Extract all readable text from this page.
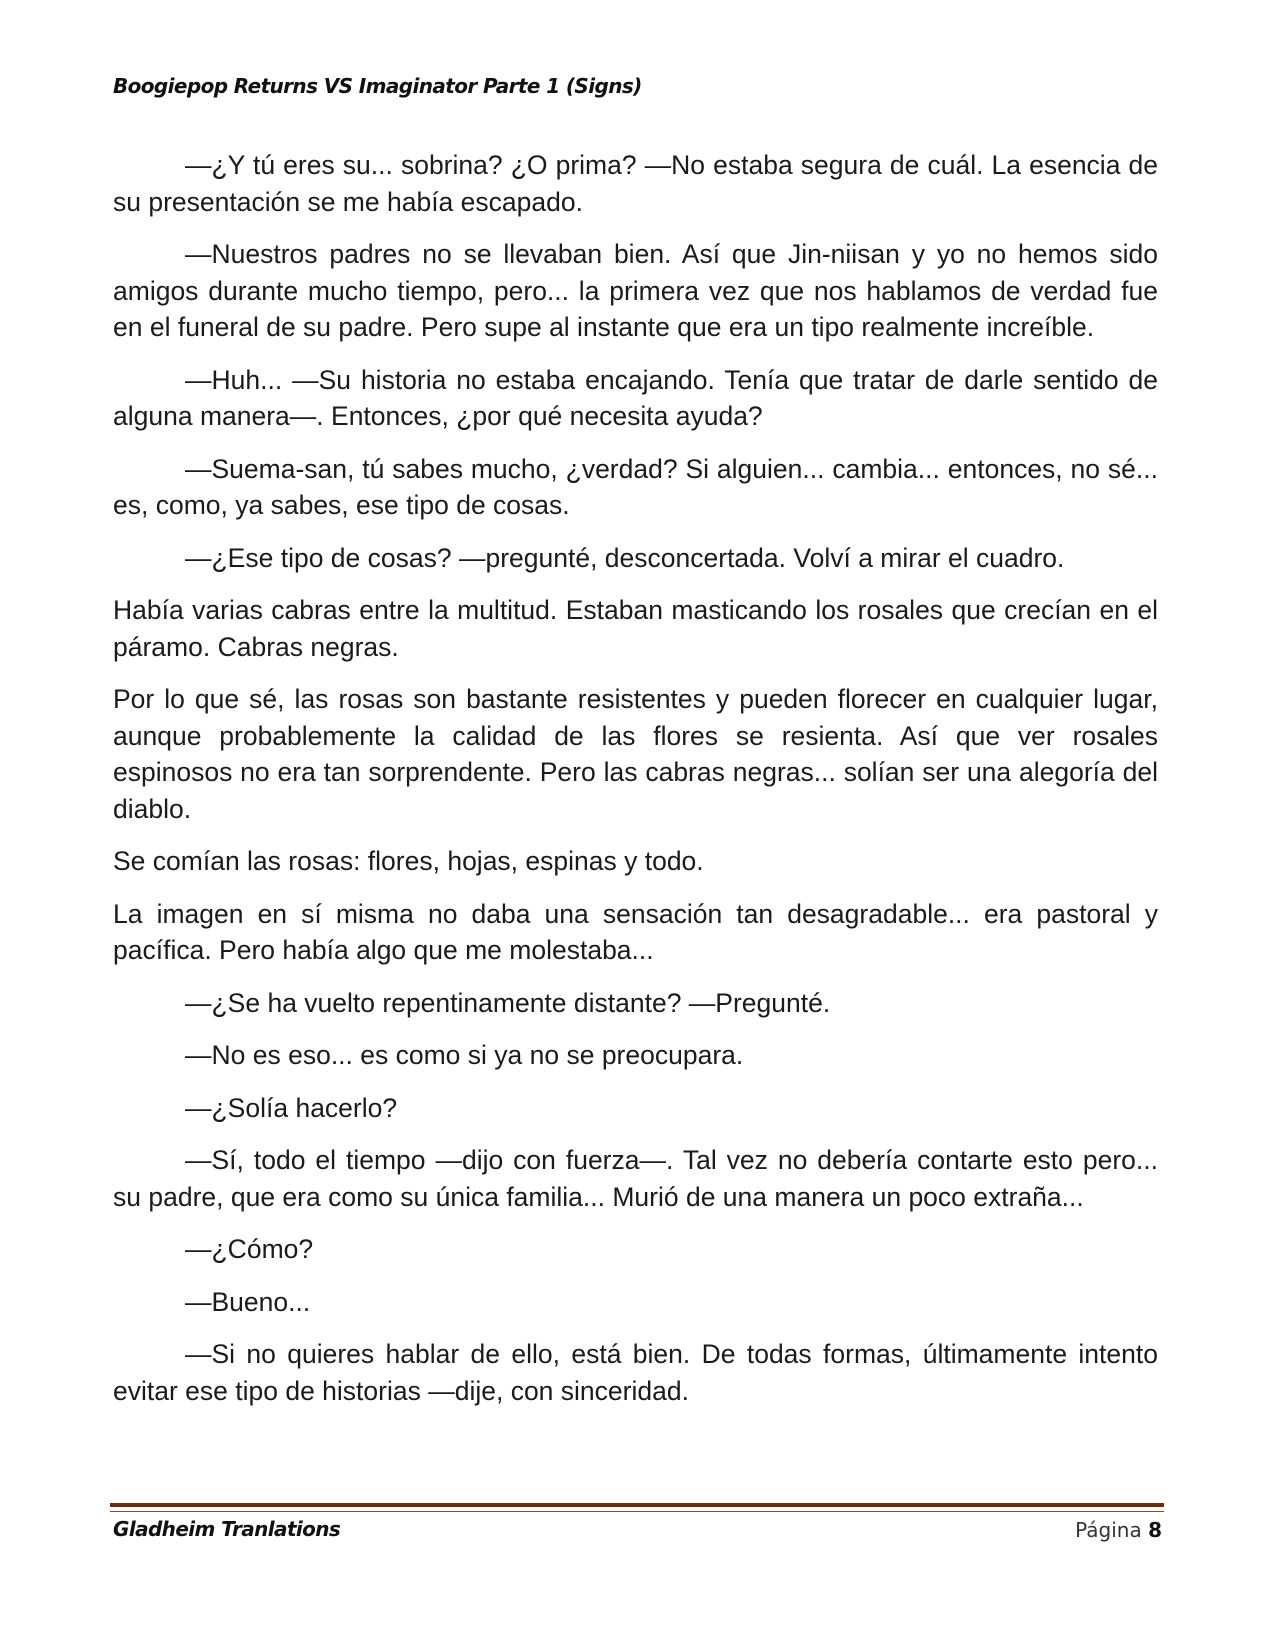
Boogiepop Returns VS Imaginator Parte 1 (Signs)

—¿Y tú eres su... sobrina? ¿O prima? —No estaba segura de cuál. La esencia de su presentación se me había escapado.

—Nuestros padres no se llevaban bien. Así que Jin-niisan y yo no hemos sido amigos durante mucho tiempo, pero... la primera vez que nos hablamos de verdad fue en el funeral de su padre. Pero supe al instante que era un tipo realmente increíble.

—Huh... —Su historia no estaba encajando. Tenía que tratar de darle sentido de alguna manera—. Entonces, ¿por qué necesita ayuda?

—Suema-san, tú sabes mucho, ¿verdad? Si alguien... cambia... entonces, no sé... es, como, ya sabes, ese tipo de cosas.

—¿Ese tipo de cosas? —pregunté, desconcertada. Volví a mirar el cuadro.

Había varias cabras entre la multitud. Estaban masticando los rosales que crecían en el páramo. Cabras negras.

Por lo que sé, las rosas son bastante resistentes y pueden florecer en cualquier lugar, aunque probablemente la calidad de las flores se resienta. Así que ver rosales espinosos no era tan sorprendente. Pero las cabras negras... solían ser una alegoría del diablo.

Se comían las rosas: flores, hojas, espinas y todo.

La imagen en sí misma no daba una sensación tan desagradable... era pastoral y pacífica. Pero había algo que me molestaba...

—¿Se ha vuelto repentinamente distante? —Pregunté.

—No es eso... es como si ya no se preocupara.

—¿Solía hacerlo?

—Sí, todo el tiempo —dijo con fuerza—. Tal vez no debería contarte esto pero... su padre, que era como su única familia... Murió de una manera un poco extraña...

—¿Cómo?

—Bueno...

—Si no quieres hablar de ello, está bien. De todas formas, últimamente intento evitar ese tipo de historias —dije, con sinceridad.

Gladheim Tranlations	Página 8
